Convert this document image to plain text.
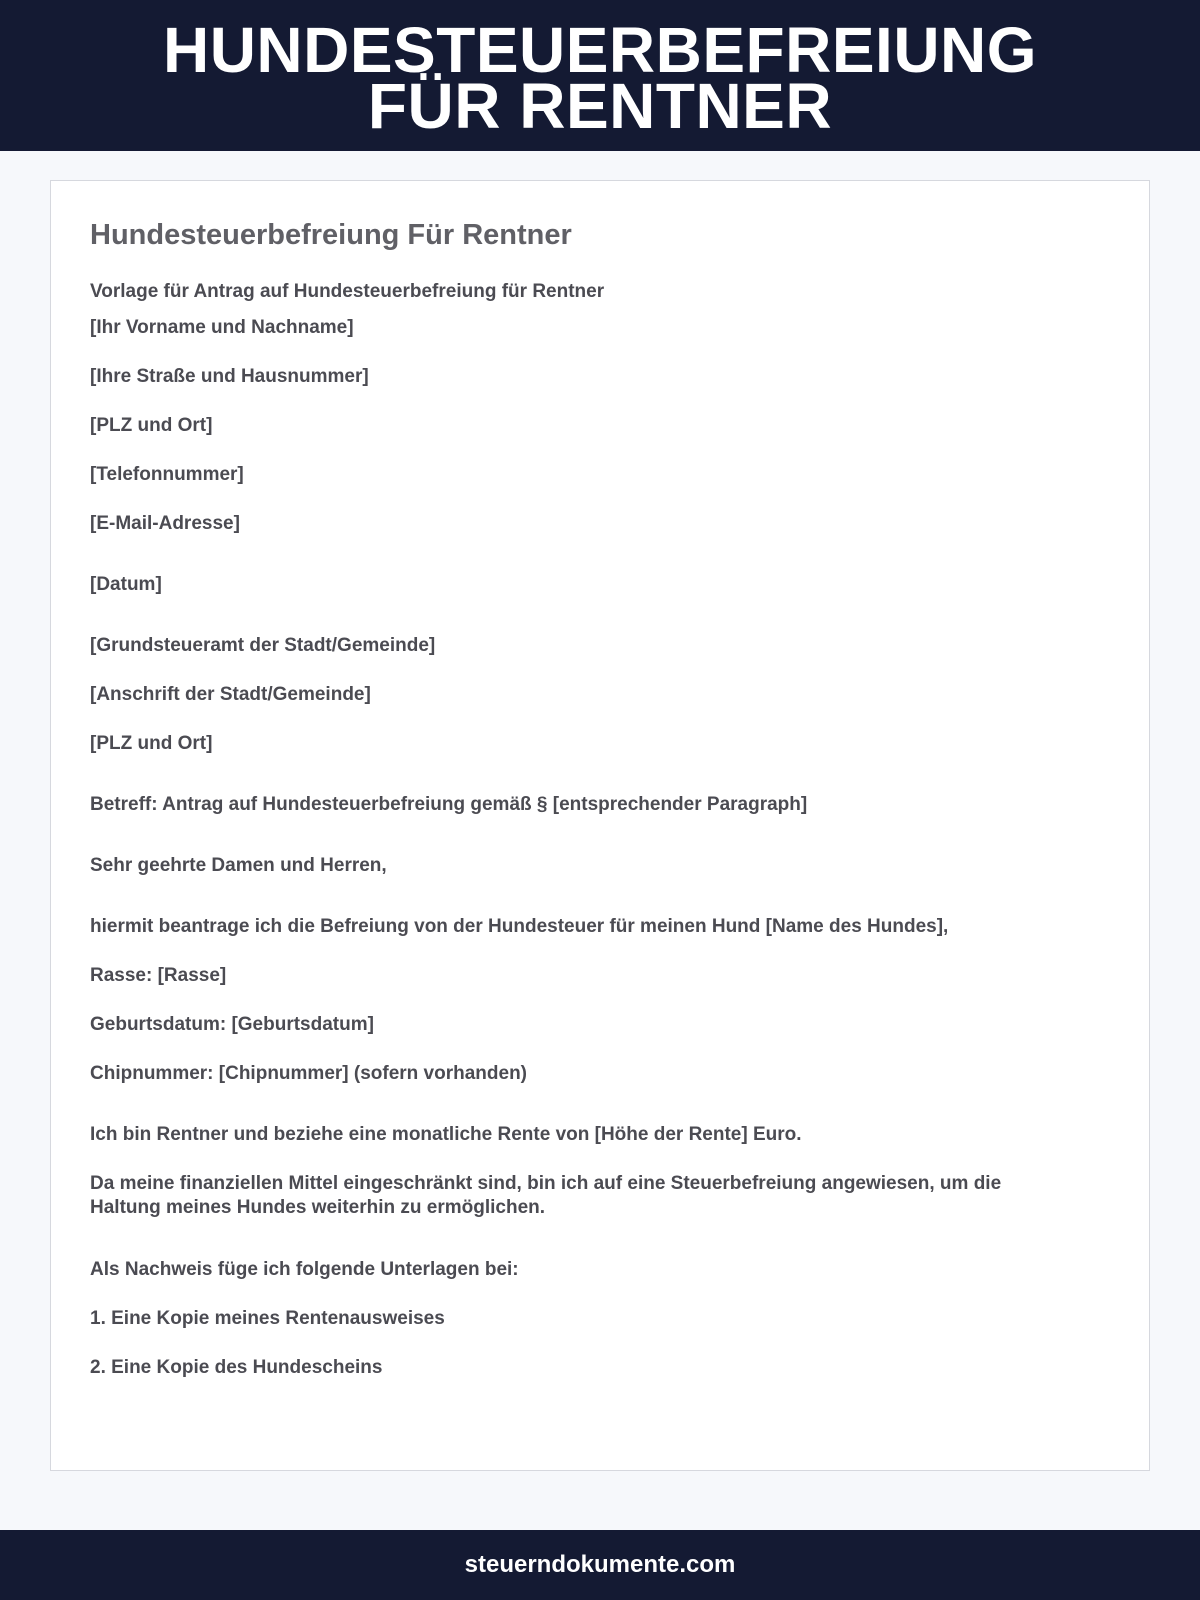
HUNDESTEUERBEFREIUNG FÜR RENTNER
Hundesteuerbefreiung Für Rentner

Vorlage für Antrag auf Hundesteuerbefreiung für Rentner

[Ihr Vorname und Nachname]

[Ihre Straße und Hausnummer]

[PLZ und Ort]

[Telefonnummer]

[E-Mail-Adresse]

[Datum]

[Grundsteueramt der Stadt/Gemeinde]

[Anschrift der Stadt/Gemeinde]

[PLZ und Ort]

Betreff: Antrag auf Hundesteuerbefreiung gemäß § [entsprechender Paragraph]

Sehr geehrte Damen und Herren,

hiermit beantrage ich die Befreiung von der Hundesteuer für meinen Hund [Name des Hundes],

Rasse: [Rasse]

Geburtsdatum: [Geburtsdatum]

Chipnummer: [Chipnummer] (sofern vorhanden)

Ich bin Rentner und beziehe eine monatliche Rente von [Höhe der Rente] Euro.

Da meine finanziellen Mittel eingeschränkt sind, bin ich auf eine Steuerbefreiung angewiesen, um die Haltung meines Hundes weiterhin zu ermöglichen.

Als Nachweis füge ich folgende Unterlagen bei:

1. Eine Kopie meines Rentenausweises

2. Eine Kopie des Hundescheins

steuerndokumente.com
